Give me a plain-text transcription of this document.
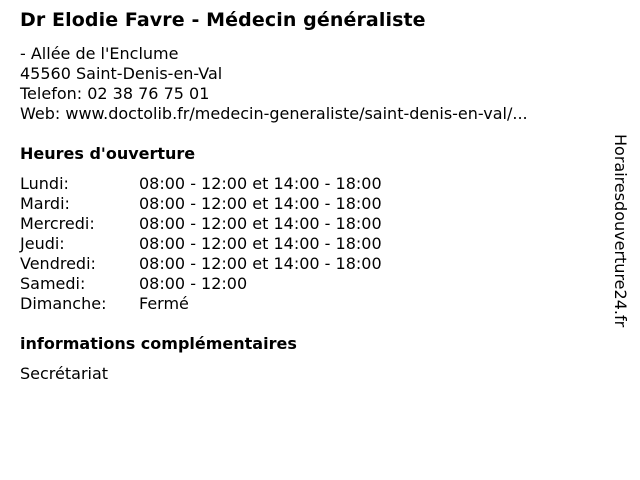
Dr Elodie Favre - Médecin généraliste
- Allée de l'Enclume
45560 Saint-Denis-en-Val
Telefon: 02 38 76 75 01
Web: www.doctolib.fr/medecin-generaliste/saint-denis-en-val/...
Heures d'ouverture
Lundi:	08:00 - 12:00 et 14:00 - 18:00
Mardi:	08:00 - 12:00 et 14:00 - 18:00
Mercredi:	08:00 - 12:00 et 14:00 - 18:00
Jeudi:	08:00 - 12:00 et 14:00 - 18:00
Vendredi:	08:00 - 12:00 et 14:00 - 18:00
Samedi:	08:00 - 12:00
Dimanche: Fermé
informations complémentaires
Secrétariat
Horairesdouverture24.fr
